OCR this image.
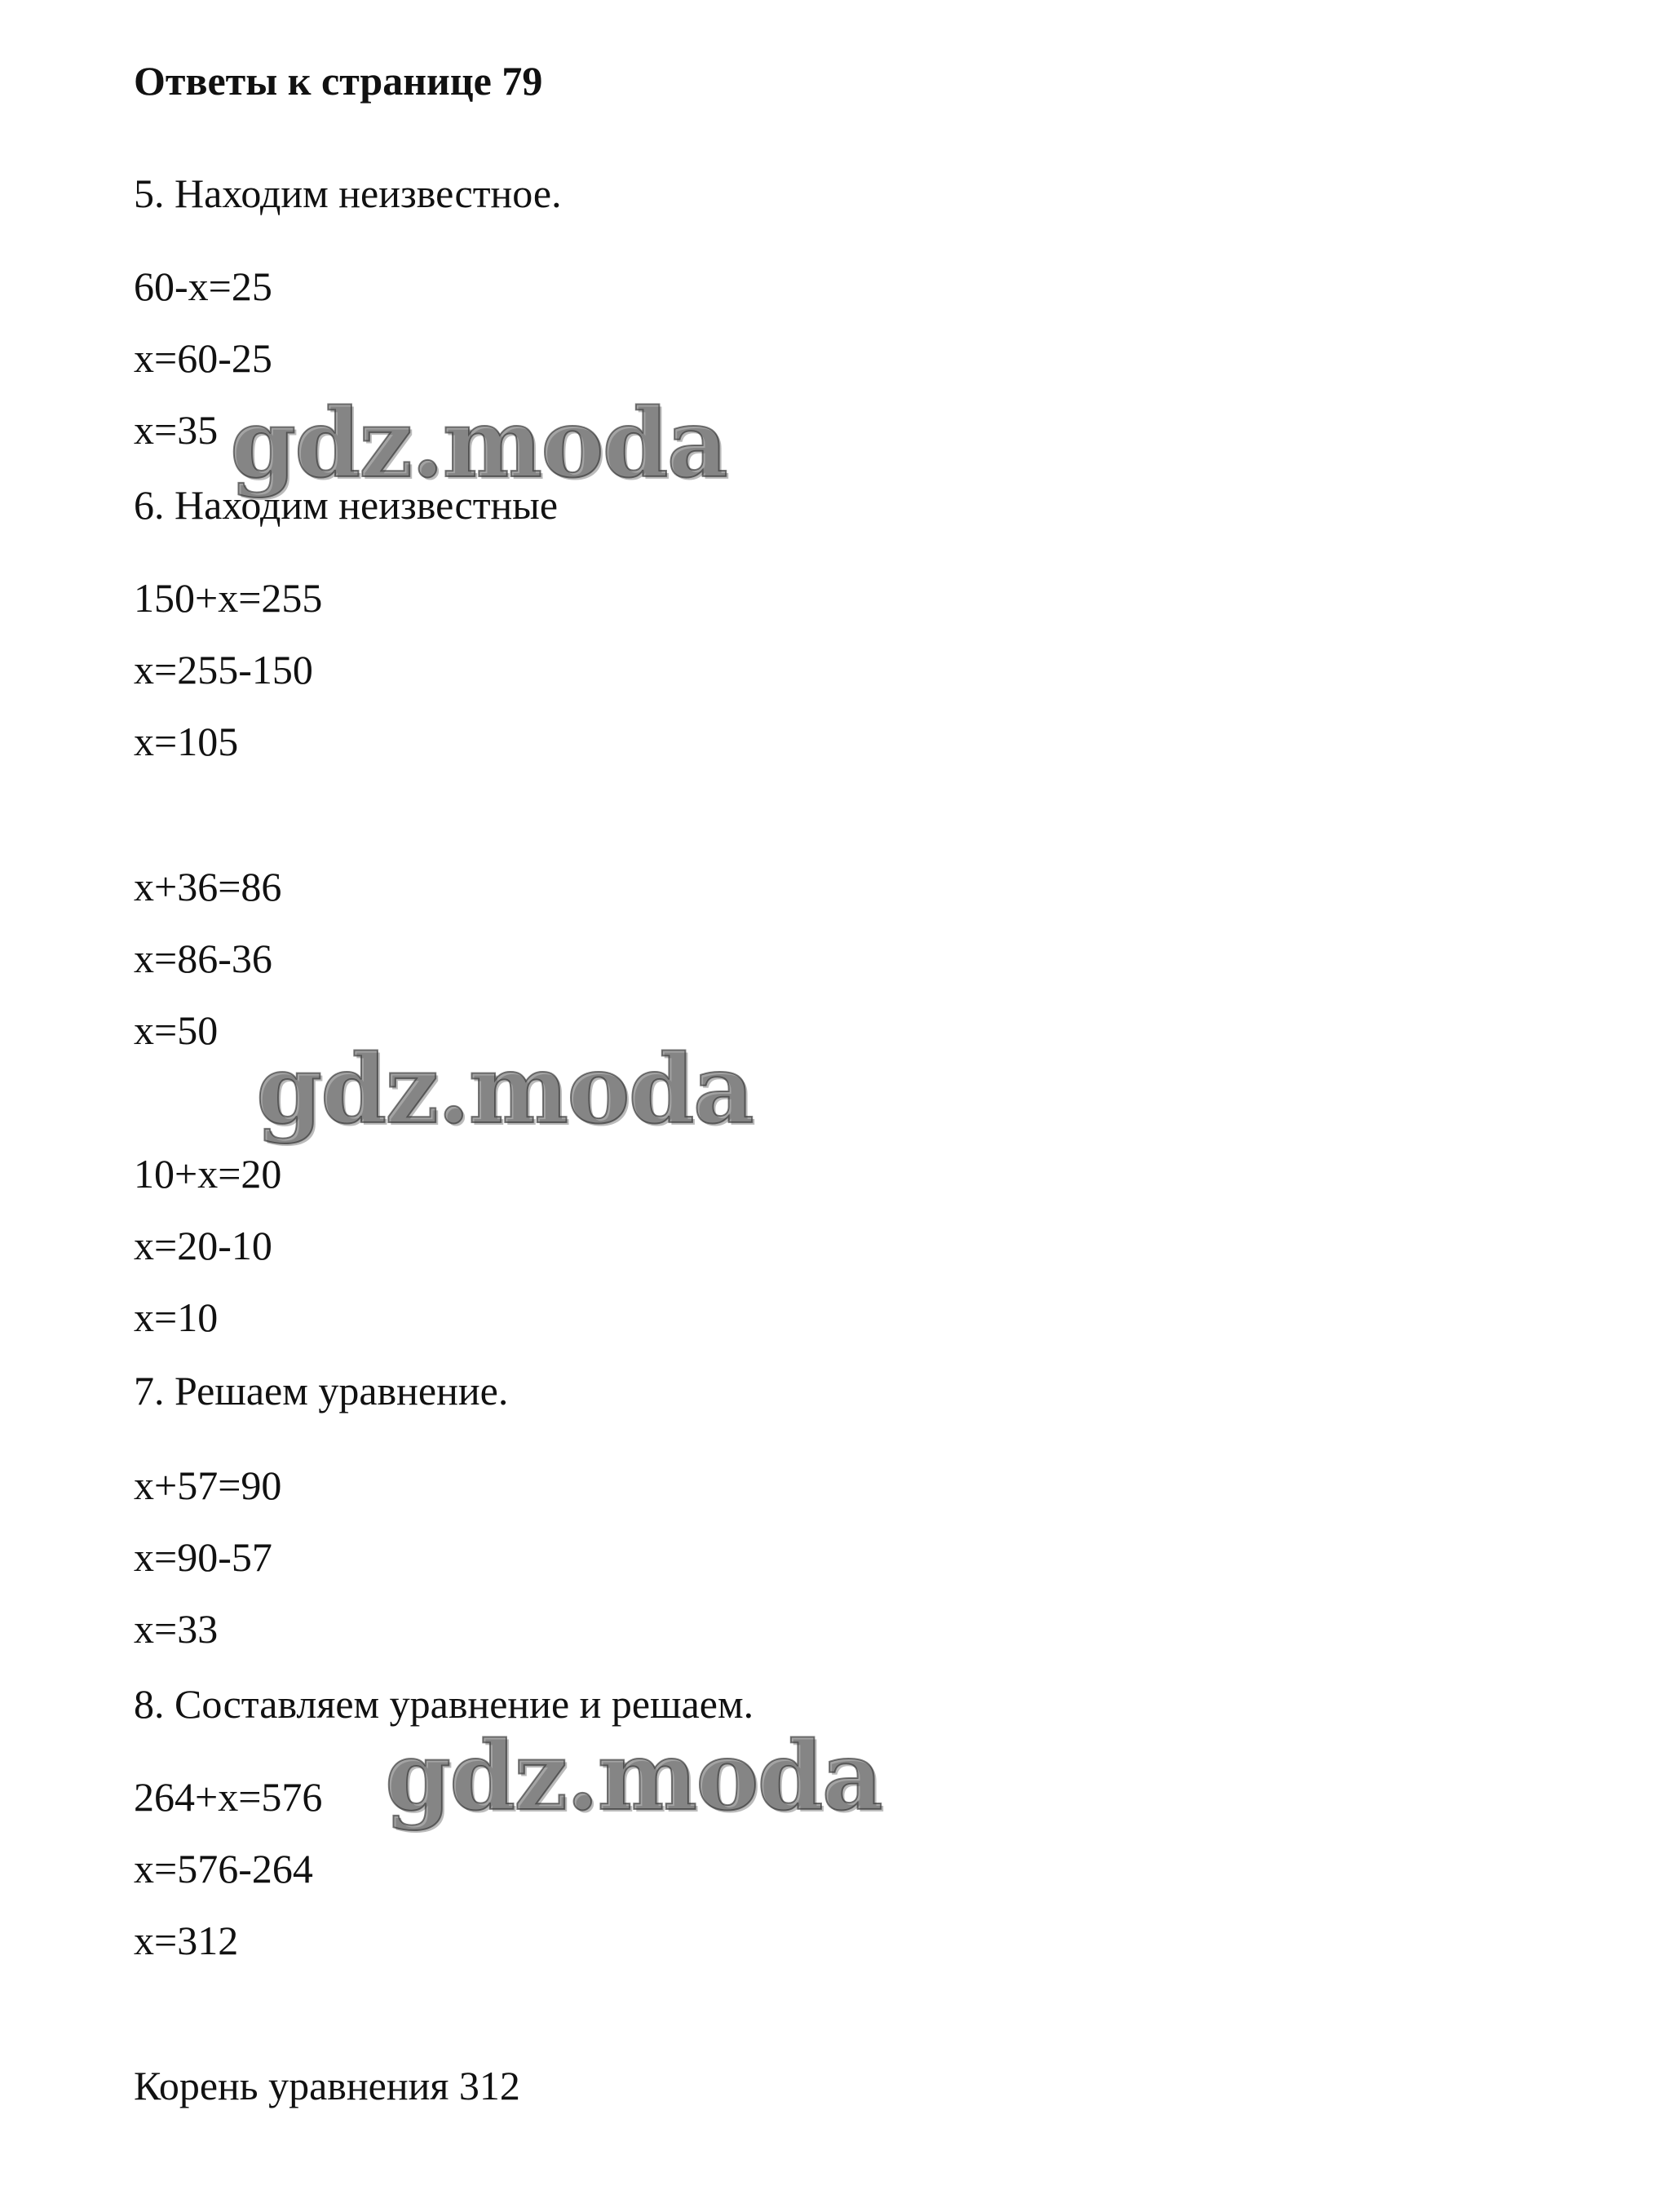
Ответы к странице 79
5. Находим неизвестное.
60-x=25
x=60-25
x=35 gdz.moda
6. Находим неизвестные
150+x=255
x=255-150
x=105
x+36=86
x=86-36
x=50
gdz.moda
10+x=20
x=20-10
x=10
7. Решаем уравнение.
x+57=90
x=90-57
x=33
8. Составляем уравнение и решаем.
264+x=576 gdz.moda
x=576-264
x=312
Корень уравнения 312
